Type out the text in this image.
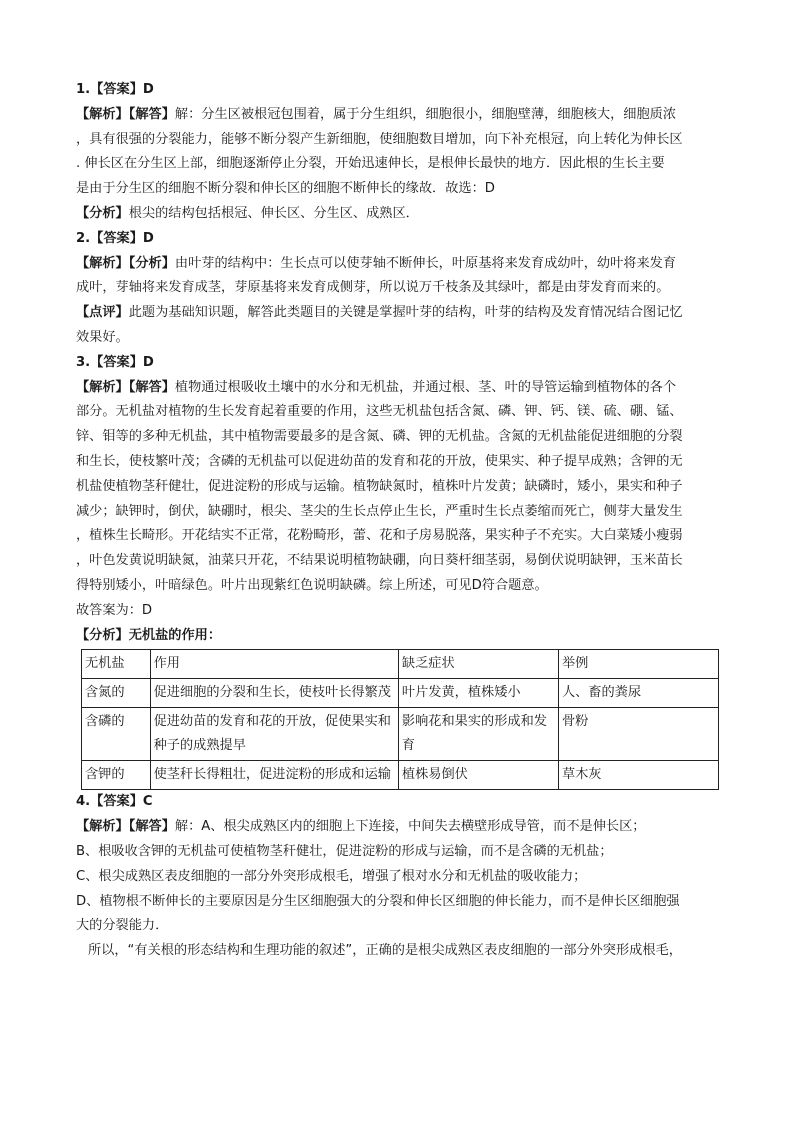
1.【答案】D
【解析】【解答】解：分生区被根冠包围着，属于分生组织，细胞很小，细胞壁薄，细胞核大，细胞质浓
，具有很强的分裂能力，能够不断分裂产生新细胞，使细胞数目增加，向下补充根冠，向上转化为伸长区
. 伸长区在分生区上部，细胞逐渐停止分裂，开始迅速伸长，是根伸长最快的地方．因此根的生长主要
是由于分生区的细胞不断分裂和伸长区的细胞不断伸长的缘故．故选：D
【分析】根尖的结构包括根冠、伸长区、分生区、成熟区．
2.【答案】D
【解析】【分析】由叶芽的结构中：生长点可以使芽轴不断伸长，叶原基将来发育成幼叶，幼叶将来发育
成叶，芽轴将来发育成茎，芽原基将来发育成侧芽，所以说万千枝条及其绿叶，都是由芽发育而来的。
【点评】此题为基础知识题，解答此类题目的关键是掌握叶芽的结构，叶芽的结构及发育情况结合图记忆
效果好。
3.【答案】D
【解析】【解答】植物通过根吸收土壤中的水分和无机盐，并通过根、茎、叶的导管运输到植物体的各个
部分。无机盐对植物的生长发育起着重要的作用，这些无机盐包括含氮、磷、钾、钙、镁、硫、硼、锰、
锌、钼等的多种无机盐，其中植物需要最多的是含氮、磷、钾的无机盐。含氮的无机盐能促进细胞的分裂
和生长，使枝繁叶茂；含磷的无机盐可以促进幼苗的发育和花的开放，使果实、种子提早成熟；含钾的无
机盐使植物茎秆健壮，促进淀粉的形成与运输。植物缺氮时，植株叶片发黄；缺磷时，矮小，果实和种子
减少；缺钾时，倒伏，缺硼时，根尖、茎尖的生长点停止生长，严重时生长点萎缩而死亡，侧芽大量发生
，植株生长畸形。开花结实不正常，花粉畸形，蕾、花和子房易脱落，果实种子不充实。大白菜矮小瘦弱
，叶色发黄说明缺氮，油菜只开花，不结果说明植物缺硼，向日葵杆细茎弱，易倒伏说明缺钾，玉米苗长
得特别矮小，叶暗绿色。叶片出现紫红色说明缺磷。综上所述，可见D符合题意。
故答案为：D
【分析】无机盐的作用：
无机盐	作用	缺乏症状	举例
含氮的	促进细胞的分裂和生长，使枝叶长得繁茂	叶片发黄，植株矮小	人、畜的粪尿
含磷的	促进幼苗的发育和花的开放，促使果实和种子的成熟提早	影响花和果实的形成和发育	骨粉
含钾的	使茎秆长得粗壮，促进淀粉的形成和运输	植株易倒伏	草木灰
4.【答案】C
【解析】【解答】解：A、根尖成熟区内的细胞上下连接，中间失去横壁形成导管，而不是伸长区；
B、根吸收含钾的无机盐可使植物茎秆健壮，促进淀粉的形成与运输，而不是含磷的无机盐；
C、根尖成熟区表皮细胞的一部分外突形成根毛，增强了根对水分和无机盐的吸收能力；
D、植物根不断伸长的主要原因是分生区细胞强大的分裂和伸长区细胞的伸长能力，而不是伸长区细胞强
大的分裂能力．
所以，“有关根的形态结构和生理功能的叙述”，正确的是根尖成熟区表皮细胞的一部分外突形成根毛，
